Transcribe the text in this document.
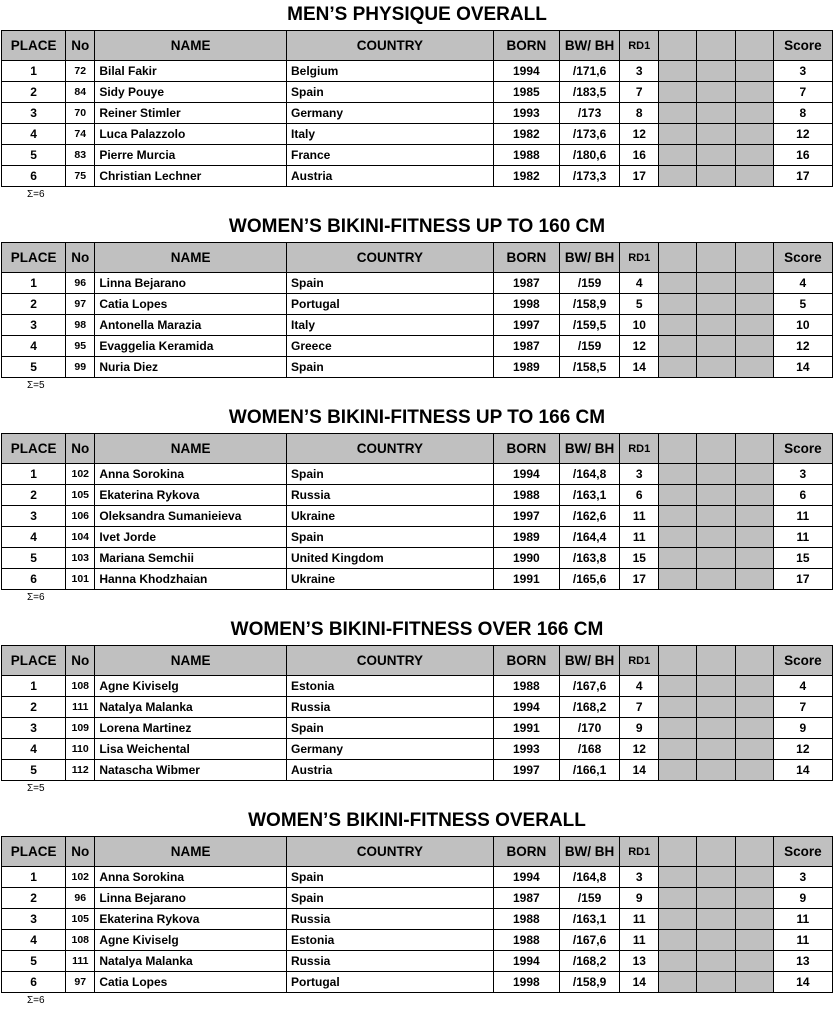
MEN’S PHYSIQUE OVERALL
PLACE	No	NAME	COUNTRY	BORN	BW/ BH	RD1				Score
1	72	Bilal Fakir	Belgium	1994	/171,6	3				3
2	84	Sidy Pouye	Spain	1985	/183,5	7				7
3	70	Reiner Stimler	Germany	1993	/173	8				8
4	74	Luca Palazzolo	Italy	1982	/173,6	12				12
5	83	Pierre Murcia	France	1988	/180,6	16				16
6	75	Christian Lechner	Austria	1982	/173,3	17				17
Σ=6
WOMEN’S BIKINI-FITNESS UP TO 160 CM
PLACE	No	NAME	COUNTRY	BORN	BW/ BH	RD1				Score
1	96	Linna Bejarano	Spain	1987	/159	4				4
2	97	Catia Lopes	Portugal	1998	/158,9	5				5
3	98	Antonella Marazia	Italy	1997	/159,5	10				10
4	95	Evaggelia Keramida	Greece	1987	/159	12				12
5	99	Nuria Diez	Spain	1989	/158,5	14				14
Σ=5
WOMEN’S BIKINI-FITNESS UP TO 166 CM
PLACE	No	NAME	COUNTRY	BORN	BW/ BH	RD1				Score
1	102	Anna Sorokina	Spain	1994	/164,8	3				3
2	105	Ekaterina Rykova	Russia	1988	/163,1	6				6
3	106	Oleksandra Sumanieieva	Ukraine	1997	/162,6	11				11
4	104	Ivet Jorde	Spain	1989	/164,4	11				11
5	103	Mariana Semchii	United Kingdom	1990	/163,8	15				15
6	101	Hanna Khodzhaian	Ukraine	1991	/165,6	17				17
Σ=6
WOMEN’S BIKINI-FITNESS OVER 166 CM
PLACE	No	NAME	COUNTRY	BORN	BW/ BH	RD1				Score
1	108	Agne Kiviselg	Estonia	1988	/167,6	4				4
2	111	Natalya Malanka	Russia	1994	/168,2	7				7
3	109	Lorena Martinez	Spain	1991	/170	9				9
4	110	Lisa Weichental	Germany	1993	/168	12				12
5	112	Natascha Wibmer	Austria	1997	/166,1	14				14
Σ=5
WOMEN’S BIKINI-FITNESS OVERALL
PLACE	No	NAME	COUNTRY	BORN	BW/ BH	RD1				Score
1	102	Anna Sorokina	Spain	1994	/164,8	3				3
2	96	Linna Bejarano	Spain	1987	/159	9				9
3	105	Ekaterina Rykova	Russia	1988	/163,1	11				11
4	108	Agne Kiviselg	Estonia	1988	/167,6	11				11
5	111	Natalya Malanka	Russia	1994	/168,2	13				13
6	97	Catia Lopes	Portugal	1998	/158,9	14				14
Σ=6
